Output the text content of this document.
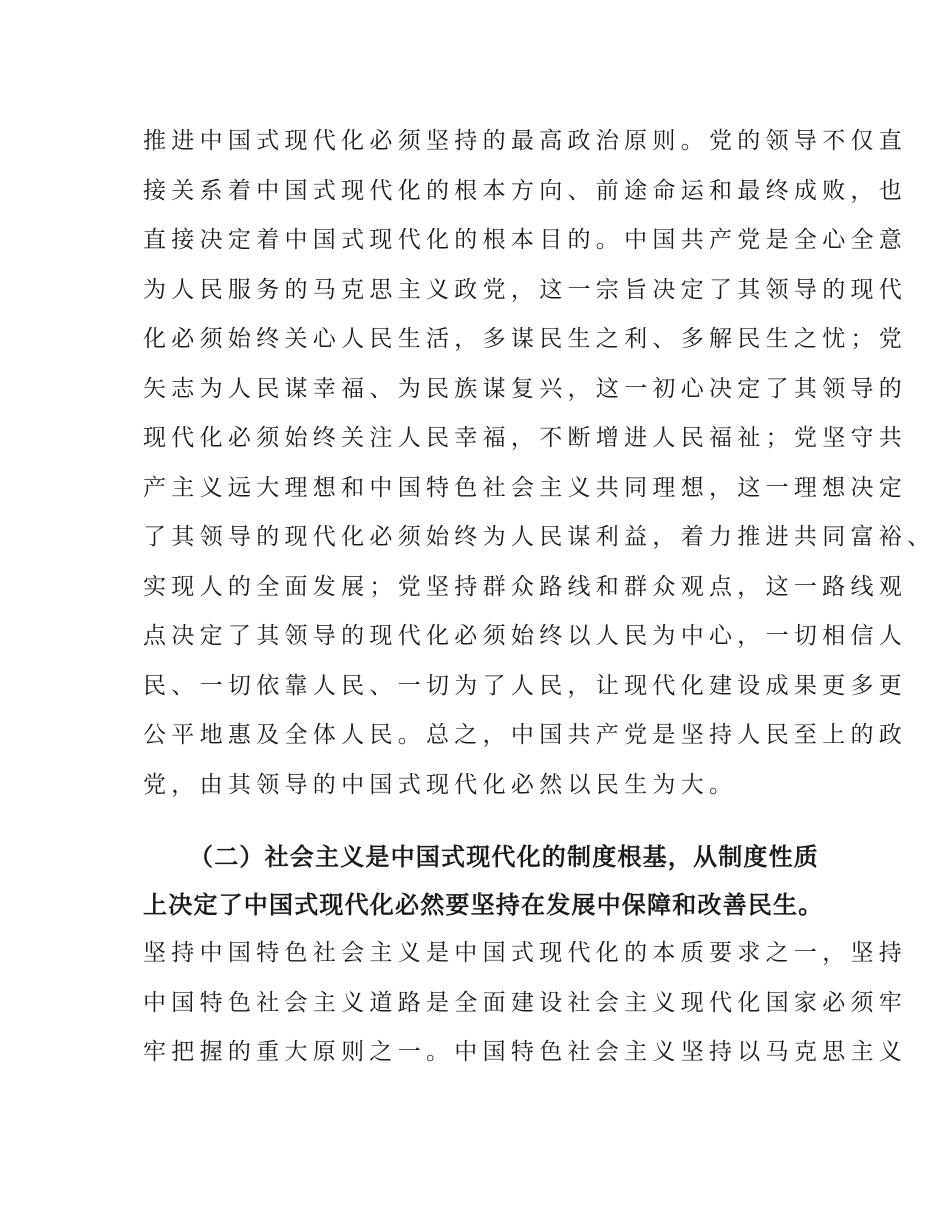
推进中国式现代化必须坚持的最高政治原则。党的领导不仅直
接关系着中国式现代化的根本方向、前途命运和最终成败，也
直接决定着中国式现代化的根本目的。中国共产党是全心全意
为人民服务的马克思主义政党，这一宗旨决定了其领导的现代
化必须始终关心人民生活，多谋民生之利、多解民生之忧；党
矢志为人民谋幸福、为民族谋复兴，这一初心决定了其领导的
现代化必须始终关注人民幸福，不断增进人民福祉；党坚守共
产主义远大理想和中国特色社会主义共同理想，这一理想决定
了其领导的现代化必须始终为人民谋利益，着力推进共同富裕、
实现人的全面发展；党坚持群众路线和群众观点，这一路线观
点决定了其领导的现代化必须始终以人民为中心，一切相信人
民、一切依靠人民、一切为了人民，让现代化建设成果更多更
公平地惠及全体人民。总之，中国共产党是坚持人民至上的政
党，由其领导的中国式现代化必然以民生为大。
（二）社会主义是中国式现代化的制度根基，从制度性质
上决定了中国式现代化必然要坚持在发展中保障和改善民生。
坚持中国特色社会主义是中国式现代化的本质要求之一，坚持
中国特色社会主义道路是全面建设社会主义现代化国家必须牢
牢把握的重大原则之一。中国特色社会主义坚持以马克思主义
